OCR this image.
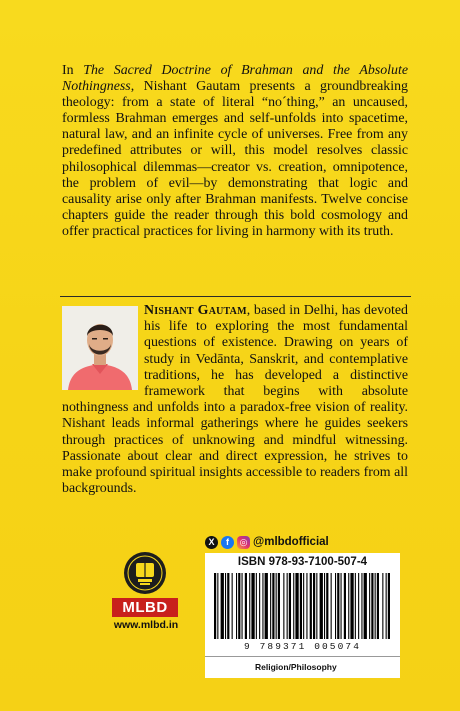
In The Sacred Doctrine of Brahman and the Absolute Nothingness, Nishant Gautam presents a groundbreaking theology: from a state of literal “no´thing,” an uncaused, formless Brahman emerges and self-unfolds into spacetime, natural law, and an infinite cycle of universes. Free from any predefined attributes or will, this model resolves classic philosophical dilemmas—creator vs. creation, omnipotence, the problem of evil—by demonstrating that logic and causality arise only after Brahman manifests. Twelve concise chapters guide the reader through this bold cosmology and offer practical practices for living in harmony with its truth.

Nishant Gautam, based in Delhi, has devoted his life to exploring the most fundamental questions of existence. Drawing on years of study in Vedānta, Sanskrit, and contemplative traditions, he has developed a distinctive framework that begins with absolute nothingness and unfolds into a paradox-free vision of reality. Nishant leads informal gatherings where he guides seekers through practices of unknowing and mindful witnessing. Passionate about clear and direct expression, he strives to make profound spiritual insights accessible to readers from all backgrounds.

X	f	◎ @mlbdofficial
MLBD
www.mlbd.in
ISBN 978-93-7100-507-4
9 789371 005074
Religion/Philosophy
